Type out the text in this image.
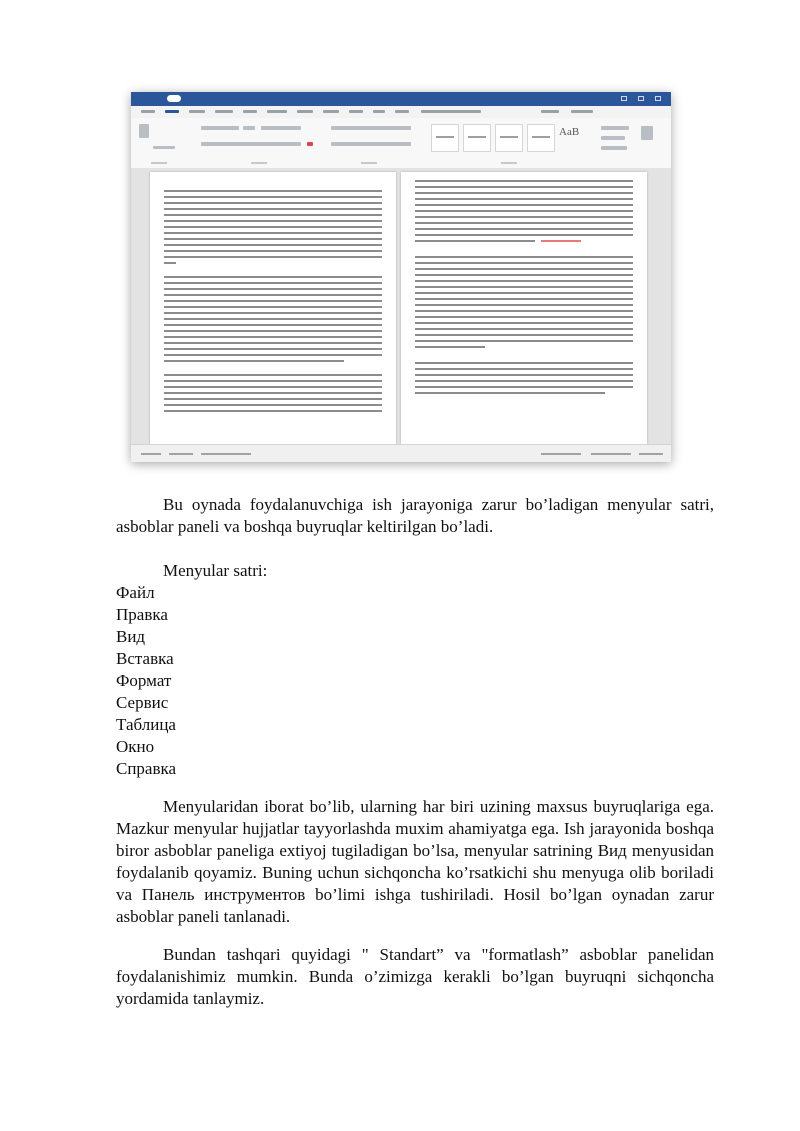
AaB

Bu oynada foydalanuvchiga ish jarayoniga zarur bo’ladigan menyular satri, asboblar paneli va boshqa buyruqlar keltirilgan bo’ladi.

Menyular satri:

Файл
Правка
Вид
Вставка
Формат
Сервис
Таблица
Окно
Справка

Menyularidan iborat bo’lib, ularning har biri uzining maxsus buyruqlariga ega. Mazkur menyular hujjatlar tayyorlashda muxim ahamiyatga ega. Ish jarayonida boshqa biror asboblar paneliga extiyoj tugiladigan bo’lsa, menyular satrining Вид menyusidan foydalanib qoyamiz. Buning uchun sichqoncha ko’rsatkichi shu menyuga olib boriladi va Панель инструментов bo’limi ishga tushiriladi. Hosil bo’lgan oynadan zarur asboblar paneli tanlanadi.

Bundan tashqari quyidagi " Standart” va "formatlash” asboblar panelidan foydalanishimiz mumkin. Bunda o’zimizga kerakli bo’lgan buyruqni sichqoncha yordamida tanlaymiz.
